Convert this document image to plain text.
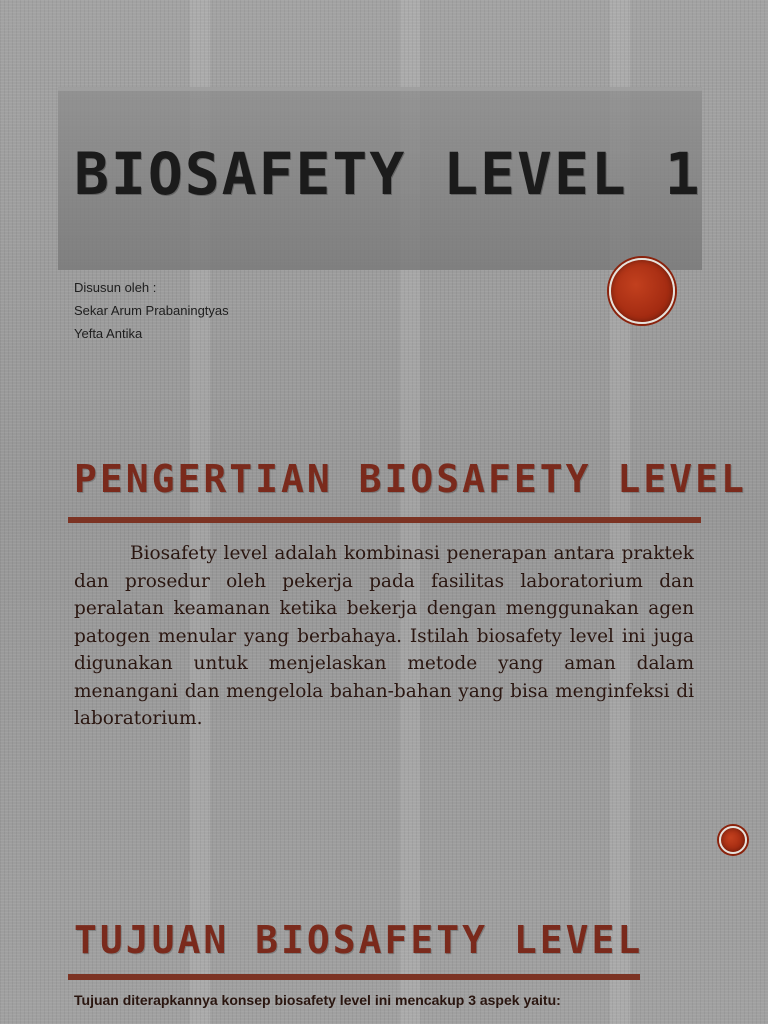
BIOSAFETY LEVEL 1
Disusun oleh :
Sekar Arum Prabaningtyas
Yefta Antika
PENGERTIAN BIOSAFETY LEVEL

Biosafety level adalah kombinasi penerapan antara praktek dan prosedur oleh pekerja pada fasilitas laboratorium dan peralatan keamanan ketika bekerja dengan menggunakan agen patogen menular yang berbahaya. Istilah biosafety level ini juga digunakan untuk menjelaskan metode yang aman dalam menangani dan mengelola bahan-bahan yang bisa menginfeksi di laboratorium.

TUJUAN BIOSAFETY LEVEL

Tujuan diterapkannya konsep biosafety level ini mencakup 3 aspek yaitu:
